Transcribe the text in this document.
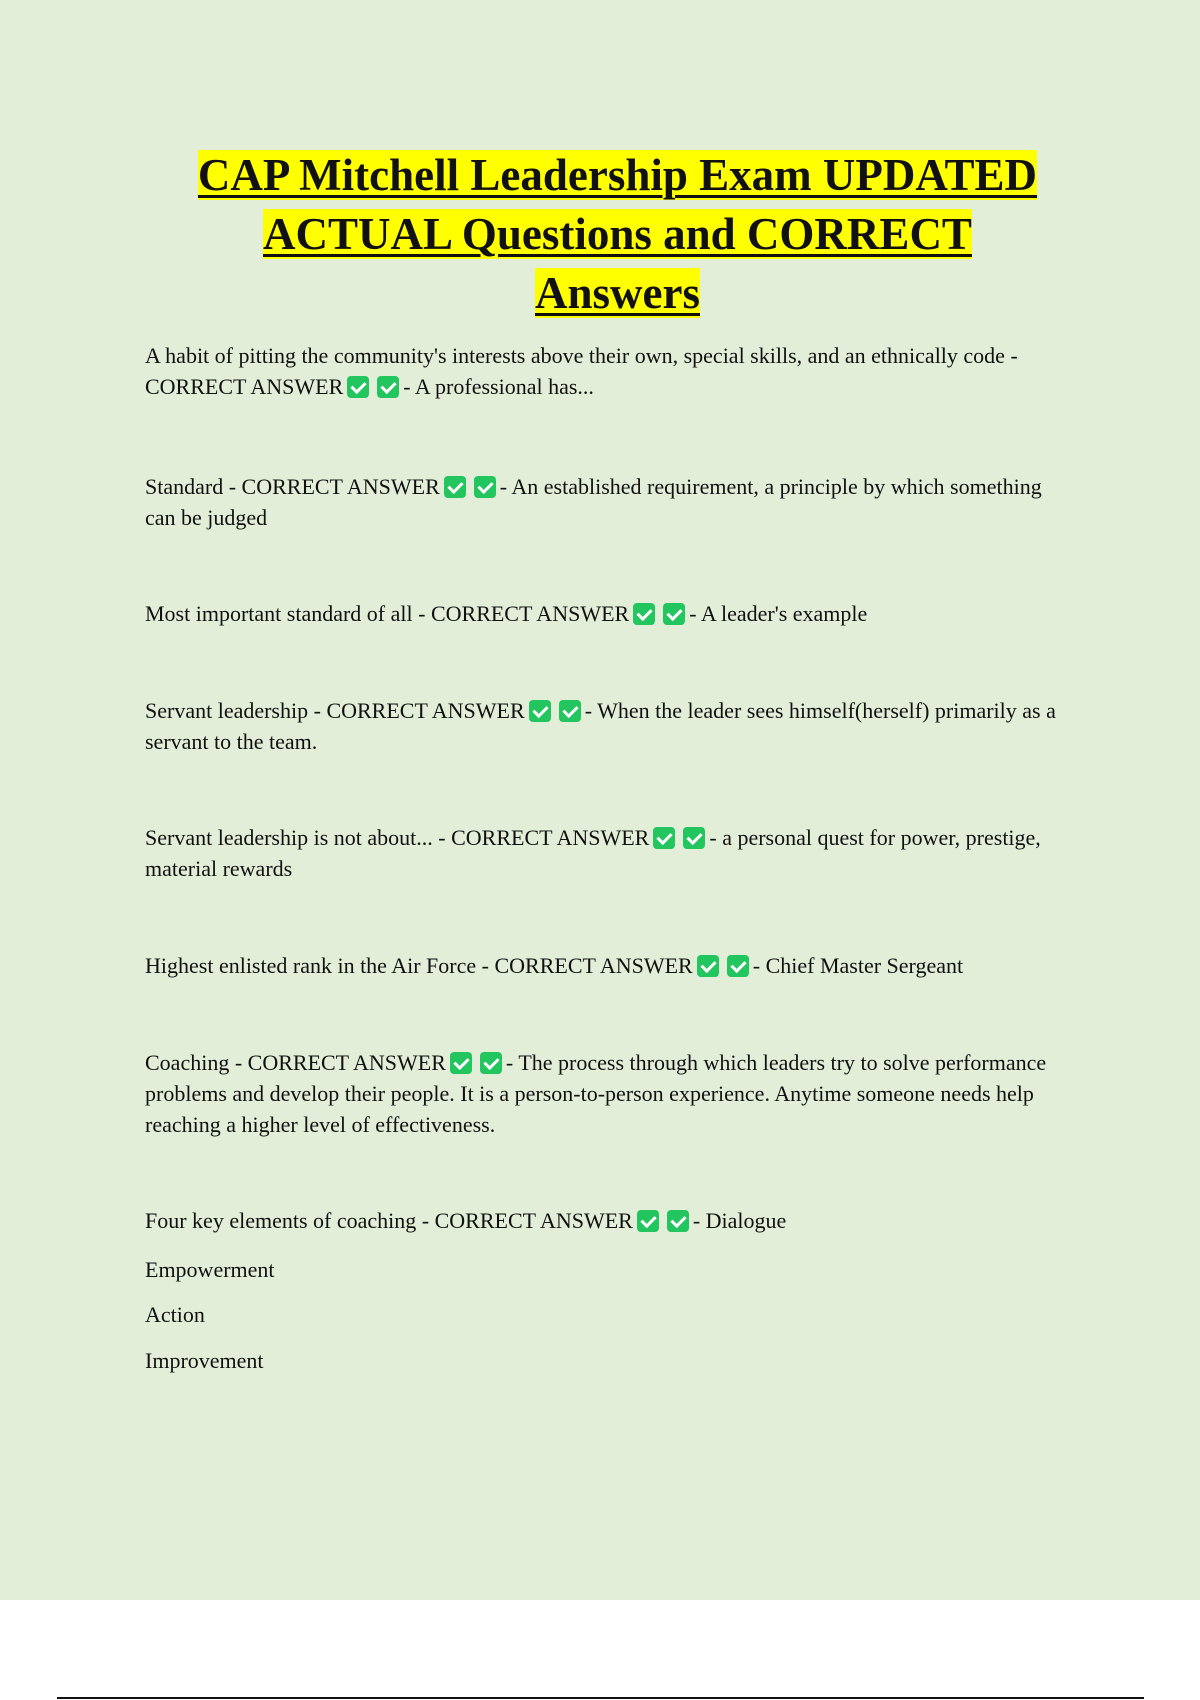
CAP Mitchell Leadership Exam UPDATED
ACTUAL Questions and CORRECT
Answers
A habit of pitting the community's interests above their own, special skills, and an ethnically code - CORRECT ANSWER	- A professional has...
Standard - CORRECT ANSWER	- An established requirement, a principle by which something can be judged
Most important standard of all - CORRECT ANSWER	- A leader's example
Servant leadership - CORRECT ANSWER	- When the leader sees himself(herself) primarily as a servant to the team.
Servant leadership is not about... - CORRECT ANSWER	- a personal quest for power, prestige, material rewards
Highest enlisted rank in the Air Force - CORRECT ANSWER	- Chief Master Sergeant
Coaching - CORRECT ANSWER	- The process through which leaders try to solve performance problems and develop their people. It is a person-to-person experience. Anytime someone needs help reaching a higher level of effectiveness.
Four key elements of coaching - CORRECT ANSWER	- Dialogue
Empowerment
Action
Improvement
